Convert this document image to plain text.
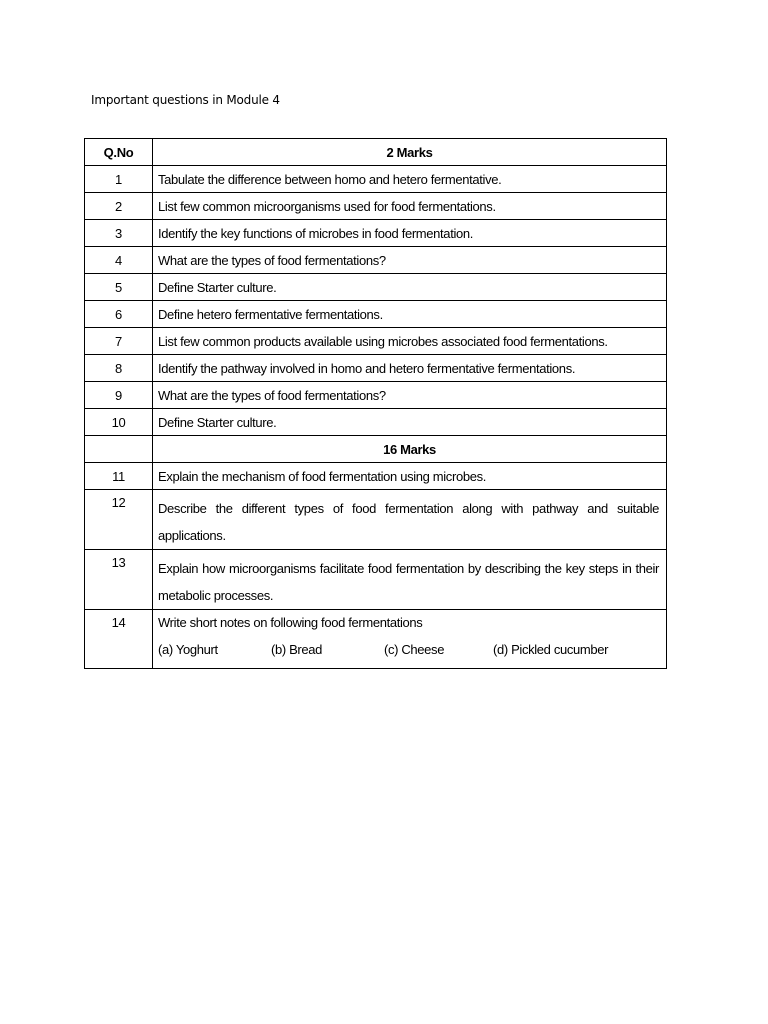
Important questions in Module 4
Q.No	2 Marks
1	Tabulate the difference between homo and hetero fermentative.
2	List few common microorganisms used for food fermentations.
3	Identify the key functions of microbes in food fermentation.
4	What are the types of food fermentations?
5	Define Starter culture.
6	Define hetero fermentative fermentations.
7	List few common products available using microbes associated food fermentations.
8	Identify the pathway involved in homo and hetero fermentative fermentations.
9	What are the types of food fermentations?
10	Define Starter culture.
	16 Marks
11	Explain the mechanism of food fermentation using microbes.
12	Describe the different types of food fermentation along with pathway and suitable applications.

13	Explain how microorganisms facilitate food fermentation by describing the key steps in their metabolic processes.

14	Write short notes on following food fermentations
(a) Yoghurt (b) Bread (c) Cheese (d) Pickled cucumber
